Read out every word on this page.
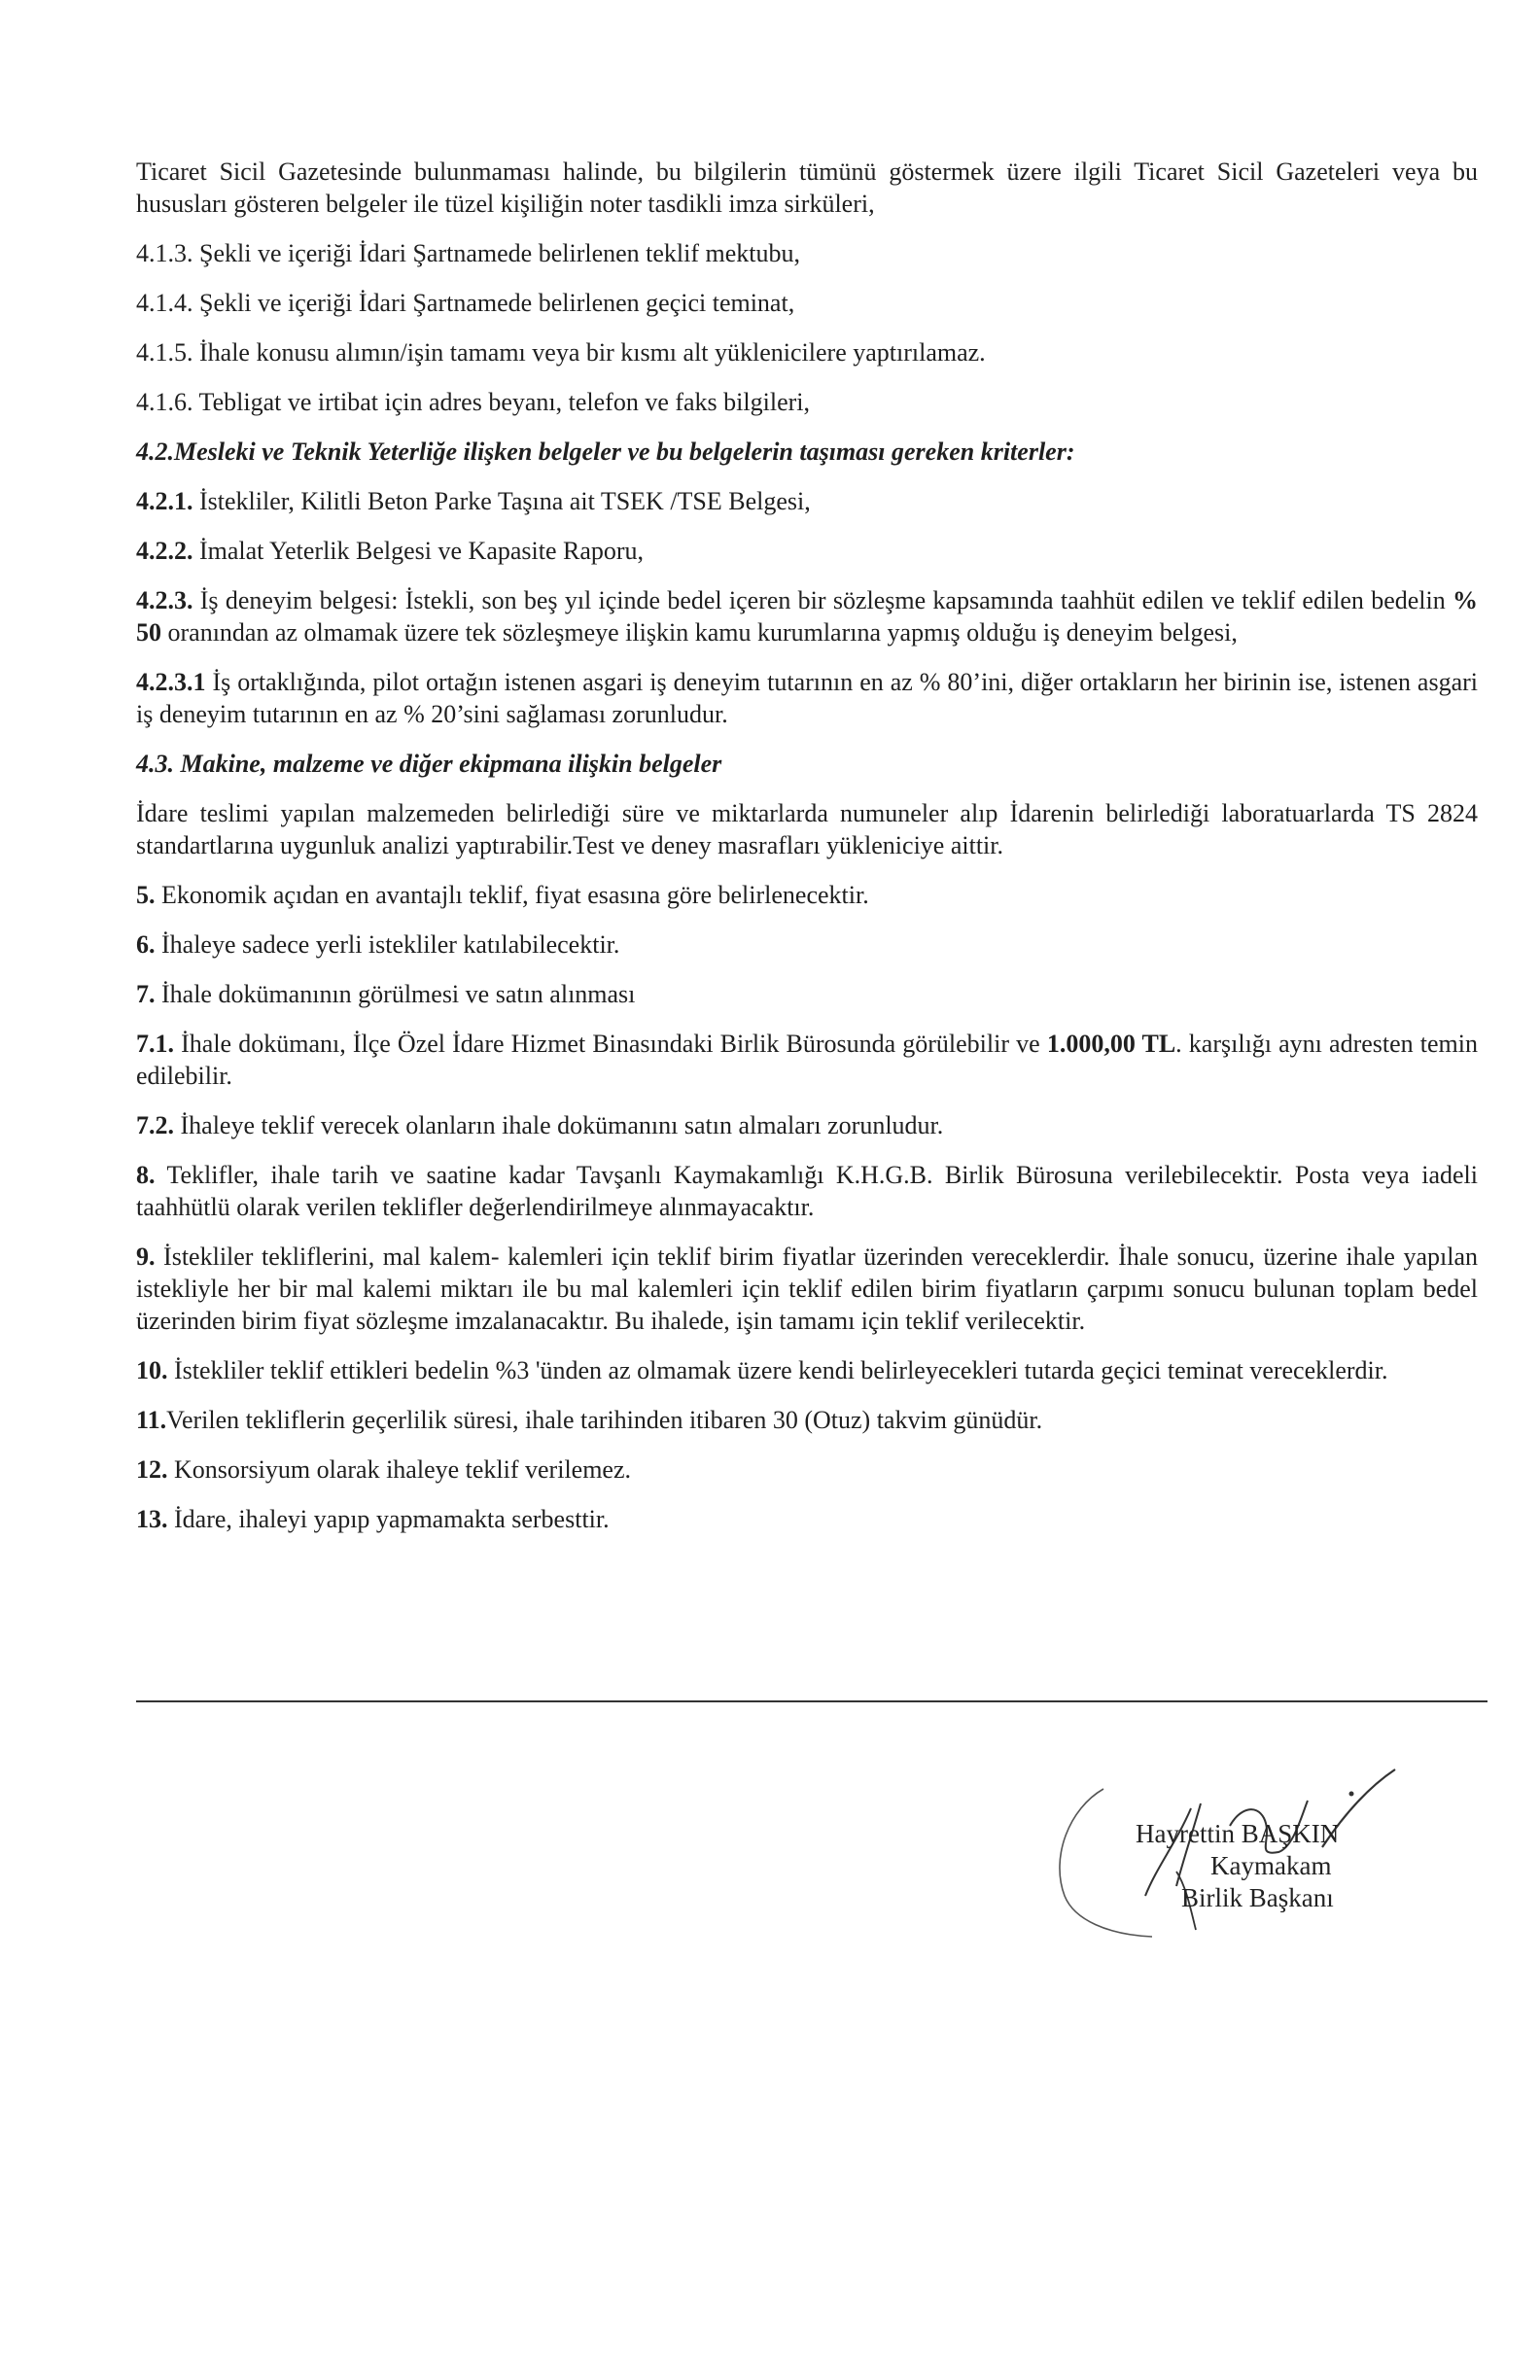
Ticaret Sicil Gazetesinde bulunmaması halinde, bu bilgilerin tümünü göstermek üzere ilgili Ticaret Sicil Gazeteleri veya bu hususları gösteren belgeler ile tüzel kişiliğin noter tasdikli imza sirküleri,

4.1.3. Şekli ve içeriği İdari Şartnamede belirlenen teklif mektubu,

4.1.4. Şekli ve içeriği İdari Şartnamede belirlenen geçici teminat,

4.1.5. İhale konusu alımın/işin tamamı veya bir kısmı alt yüklenicilere yaptırılamaz.

4.1.6. Tebligat ve irtibat için adres beyanı, telefon ve faks bilgileri,

4.2.Mesleki ve Teknik Yeterliğe ilişken belgeler ve bu belgelerin taşıması gereken kriterler:

4.2.1. İstekliler, Kilitli Beton Parke Taşına ait TSEK /TSE Belgesi,

4.2.2. İmalat Yeterlik Belgesi ve Kapasite Raporu,

4.2.3. İş deneyim belgesi: İstekli, son beş yıl içinde bedel içeren bir sözleşme kapsamında taahhüt edilen ve teklif edilen bedelin % 50 oranından az olmamak üzere tek sözleşmeye ilişkin kamu kurumlarına yapmış olduğu iş deneyim belgesi,

4.2.3.1 İş ortaklığında, pilot ortağın istenen asgari iş deneyim tutarının en az % 80’ini, diğer ortakların her birinin ise, istenen asgari iş deneyim tutarının en az % 20’sini sağlaması zorunludur.

4.3. Makine, malzeme ve diğer ekipmana ilişkin belgeler

İdare teslimi yapılan malzemeden belirlediği süre ve miktarlarda numuneler alıp İdarenin belirlediği laboratuarlarda TS 2824 standartlarına uygunluk analizi yaptırabilir.Test ve deney masrafları yükleniciye aittir.

5. Ekonomik açıdan en avantajlı teklif, fiyat esasına göre belirlenecektir.

6. İhaleye sadece yerli istekliler katılabilecektir.

7. İhale dokümanının görülmesi ve satın alınması

7.1. İhale dokümanı, İlçe Özel İdare Hizmet Binasındaki Birlik Bürosunda görülebilir ve 1.000,00 TL. karşılığı aynı adresten temin edilebilir.

7.2. İhaleye teklif verecek olanların ihale dokümanını satın almaları zorunludur.

8. Teklifler, ihale tarih ve saatine kadar Tavşanlı Kaymakamlığı K.H.G.B. Birlik Bürosuna verilebilecektir. Posta veya iadeli taahhütlü olarak verilen teklifler değerlendirilmeye alınmayacaktır.

9. İstekliler tekliflerini, mal kalem- kalemleri için teklif birim fiyatlar üzerinden vereceklerdir. İhale sonucu, üzerine ihale yapılan istekliyle her bir mal kalemi miktarı ile bu mal kalemleri için teklif edilen birim fiyatların çarpımı sonucu bulunan toplam bedel üzerinden birim fiyat sözleşme imzalanacaktır. Bu ihalede, işin tamamı için teklif verilecektir.

10. İstekliler teklif ettikleri bedelin %3 'ünden az olmamak üzere kendi belirleyecekleri tutarda geçici teminat vereceklerdir.

11.Verilen tekliflerin geçerlilik süresi, ihale tarihinden itibaren 30 (Otuz) takvim günüdür.

12. Konsorsiyum olarak ihaleye teklif verilemez.

13. İdare, ihaleyi yapıp yapmamakta serbesttir.

Hayrettin BAŞKIN
Kaymakam
Birlik Başkanı
